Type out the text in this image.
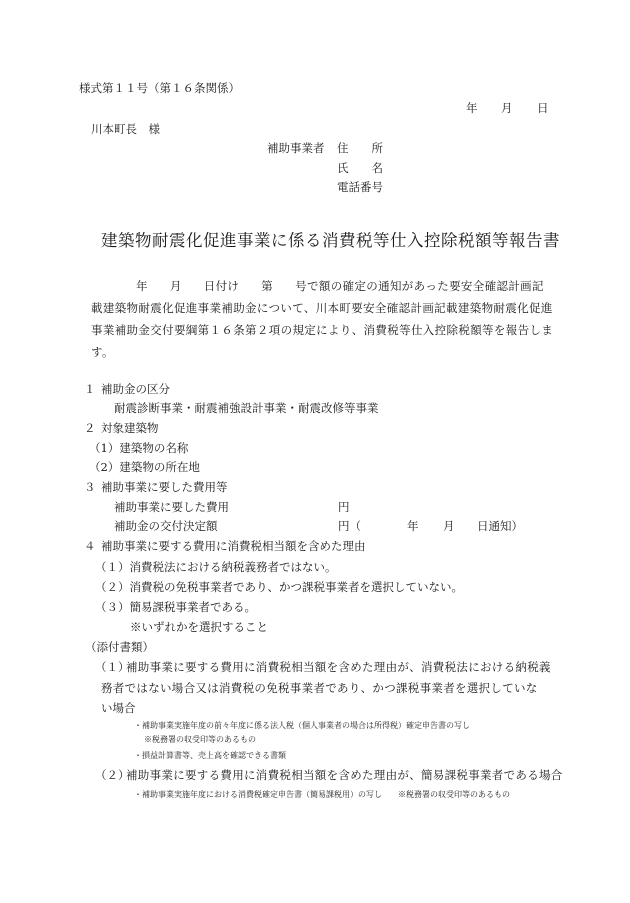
様式第１１号（第１６条関係）
年 月 日
川本町長　様
補助事業者 住　　所
氏　　名
電話番号
建築物耐震化促進事業に係る消費税等仕入控除税額等報告書
年 月 日付け 第 号で額の確定の通知があった要安全確認計画記
載建築物耐震化促進事業補助金について、川本町要安全確認計画記載建築物耐震化促進
事業補助金交付要綱第１６条第２項の規定により、消費税等仕入控除税額等を報告しま
す。
１ 補助金の区分
耐震診断事業・耐震補強設計事業・耐震改修等事業
２ 対象建築物
（1）建築物の名称
（2）建築物の所在地
３ 補助事業に要した費用等
補助事業に要した費用	円
補助金の交付決定額	円（	年 月 日通知）
４ 補助事業に要する費用に消費税相当額を含めた理由
（１）消費税法における納税義務者ではない。
（２）消費税の免税事業者であり、かつ課税事業者を選択していない。
（３）簡易課税事業者である。
※いずれかを選択すること
（添付書類）
（１）
補助事業に要する費用に消費税相当額を含めた理由が、消費税法における納税義
務者ではない場合又は消費税の免税事業者であり、かつ課税事業者を選択していな
い場合
・補助事業実施年度の前々年度に係る法人税（個人事業者の場合は所得税）確定申告書の写し
※税務署の収受印等のあるもの
・損益計算書等、売上高を確認できる書類
（２）
補助事業に要する費用に消費税相当額を含めた理由が、簡易課税事業者である場合
・補助事業実施年度における消費税確定申告書（簡易課税用）の写し　　※税務署の収受印等のあるもの
